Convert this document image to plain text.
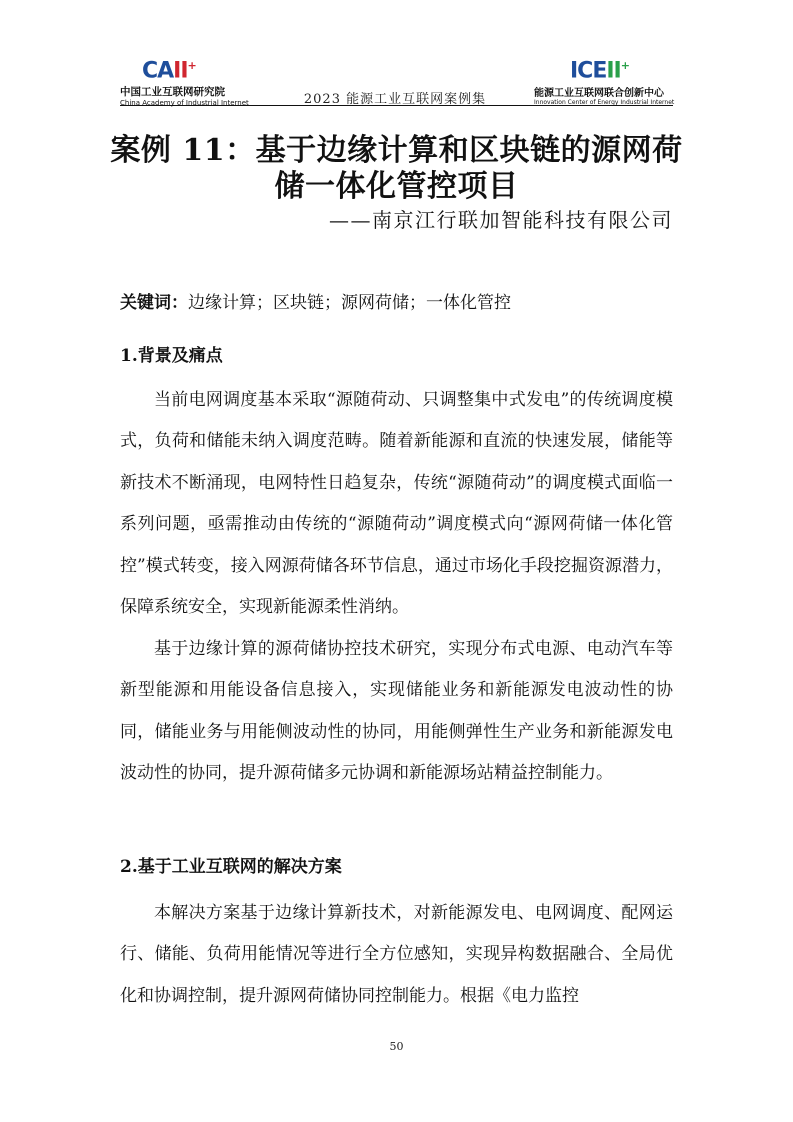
CAII+
中国工业互联网研究院
China Academy of Industrial Internet	2023 能源工业互联网案例集
ICEII+
能源工业互联网联合创新中心
Innovation Center of Energy Industrial Internet
案例 11：基于边缘计算和区块链的源网荷储一体化管控项目
——南京江行联加智能科技有限公司
关键词：边缘计算；区块链；源网荷储；一体化管控
1.背景及痛点

当前电网调度基本采取“源随荷动、只调整集中式发电”的传统调度模式，负荷和储能未纳入调度范畴。随着新能源和直流的快速发展，储能等新技术不断涌现，电网特性日趋复杂，传统“源随荷动”的调度模式面临一系列问题，亟需推动由传统的“源随荷动”调度模式向“源网荷储一体化管控”模式转变，接入网源荷储各环节信息，通过市场化手段挖掘资源潜力，保障系统安全，实现新能源柔性消纳。

基于边缘计算的源荷储协控技术研究，实现分布式电源、电动汽车等新型能源和用能设备信息接入，实现储能业务和新能源发电波动性的协同，储能业务与用能侧波动性的协同，用能侧弹性生产业务和新能源发电波动性的协同，提升源荷储多元协调和新能源场站精益控制能力。

2.基于工业互联网的解决方案

本解决方案基于边缘计算新技术，对新能源发电、电网调度、配网运行、储能、负荷用能情况等进行全方位感知，实现异构数据融合、全局优化和协调控制，提升源网荷储协同控制能力。根据《电力监控

50
